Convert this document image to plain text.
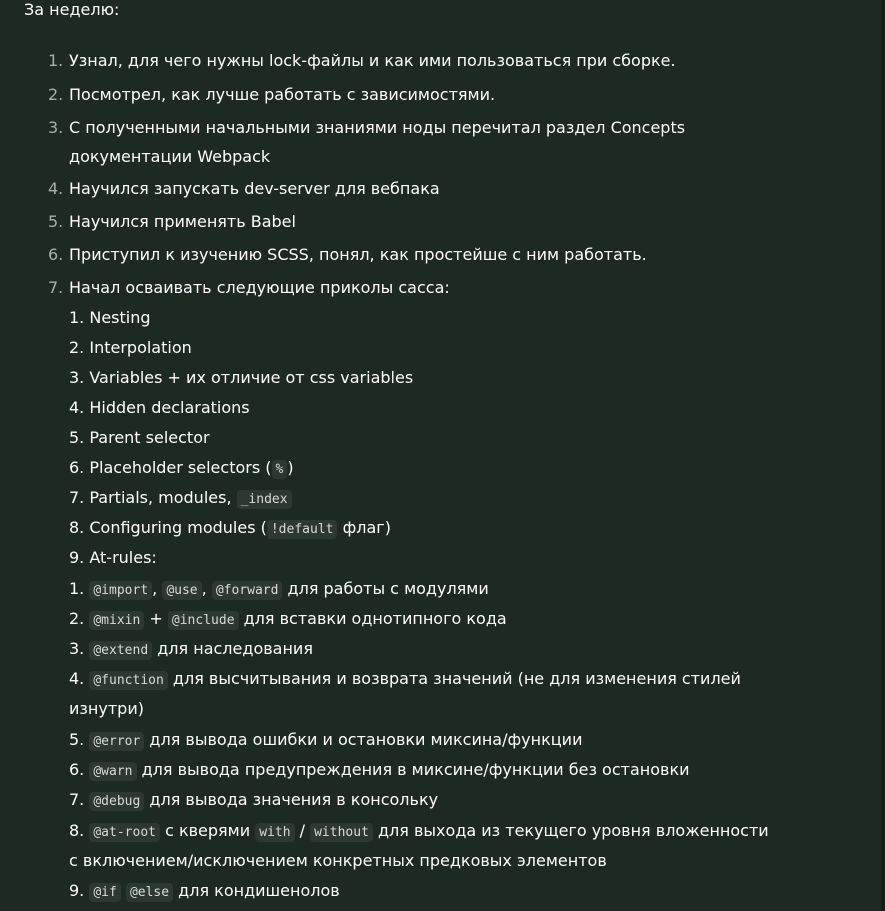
За неделю:
1. Узнал, для чего нужны lock-файлы и как ими пользоваться при сборке.
2. Посмотрел, как лучше работать с зависимостями.
3. С полученными начальными знаниями ноды перечитал раздел Concepts
документации Webpack
4. Научился запускать dev-server для вебпака
5. Научился применять Babel
6. Приступил к изучению SCSS, понял, как простейше с ним работать.
7. Начал осваивать следующие приколы сасса:
1. Nesting
2. Interpolation
3. Variables + их отличие от css variables
4. Hidden declarations
5. Parent selector
6. Placeholder selectors ( % )
7. Partials, modules, _index
8. Configuring modules ( !default флаг)
9. At-rules:
1. @import , @use , @forward для работы с модулями
2. @mixin + @include для вставки однотипного кода
3. @extend для наследования
4. @function для высчитывания и возврата значений (не для изменения стилей
изнутри)
5. @error для вывода ошибки и остановки миксина/функции
6. @warn для вывода предупреждения в миксине/функции без остановки
7. @debug для вывода значения в консольку
8. @at-root с кверями with / without для выхода из текущего уровня вложенности
с включением/исключением конкретных предковых элементов
9. @if @else для кондишенолов
